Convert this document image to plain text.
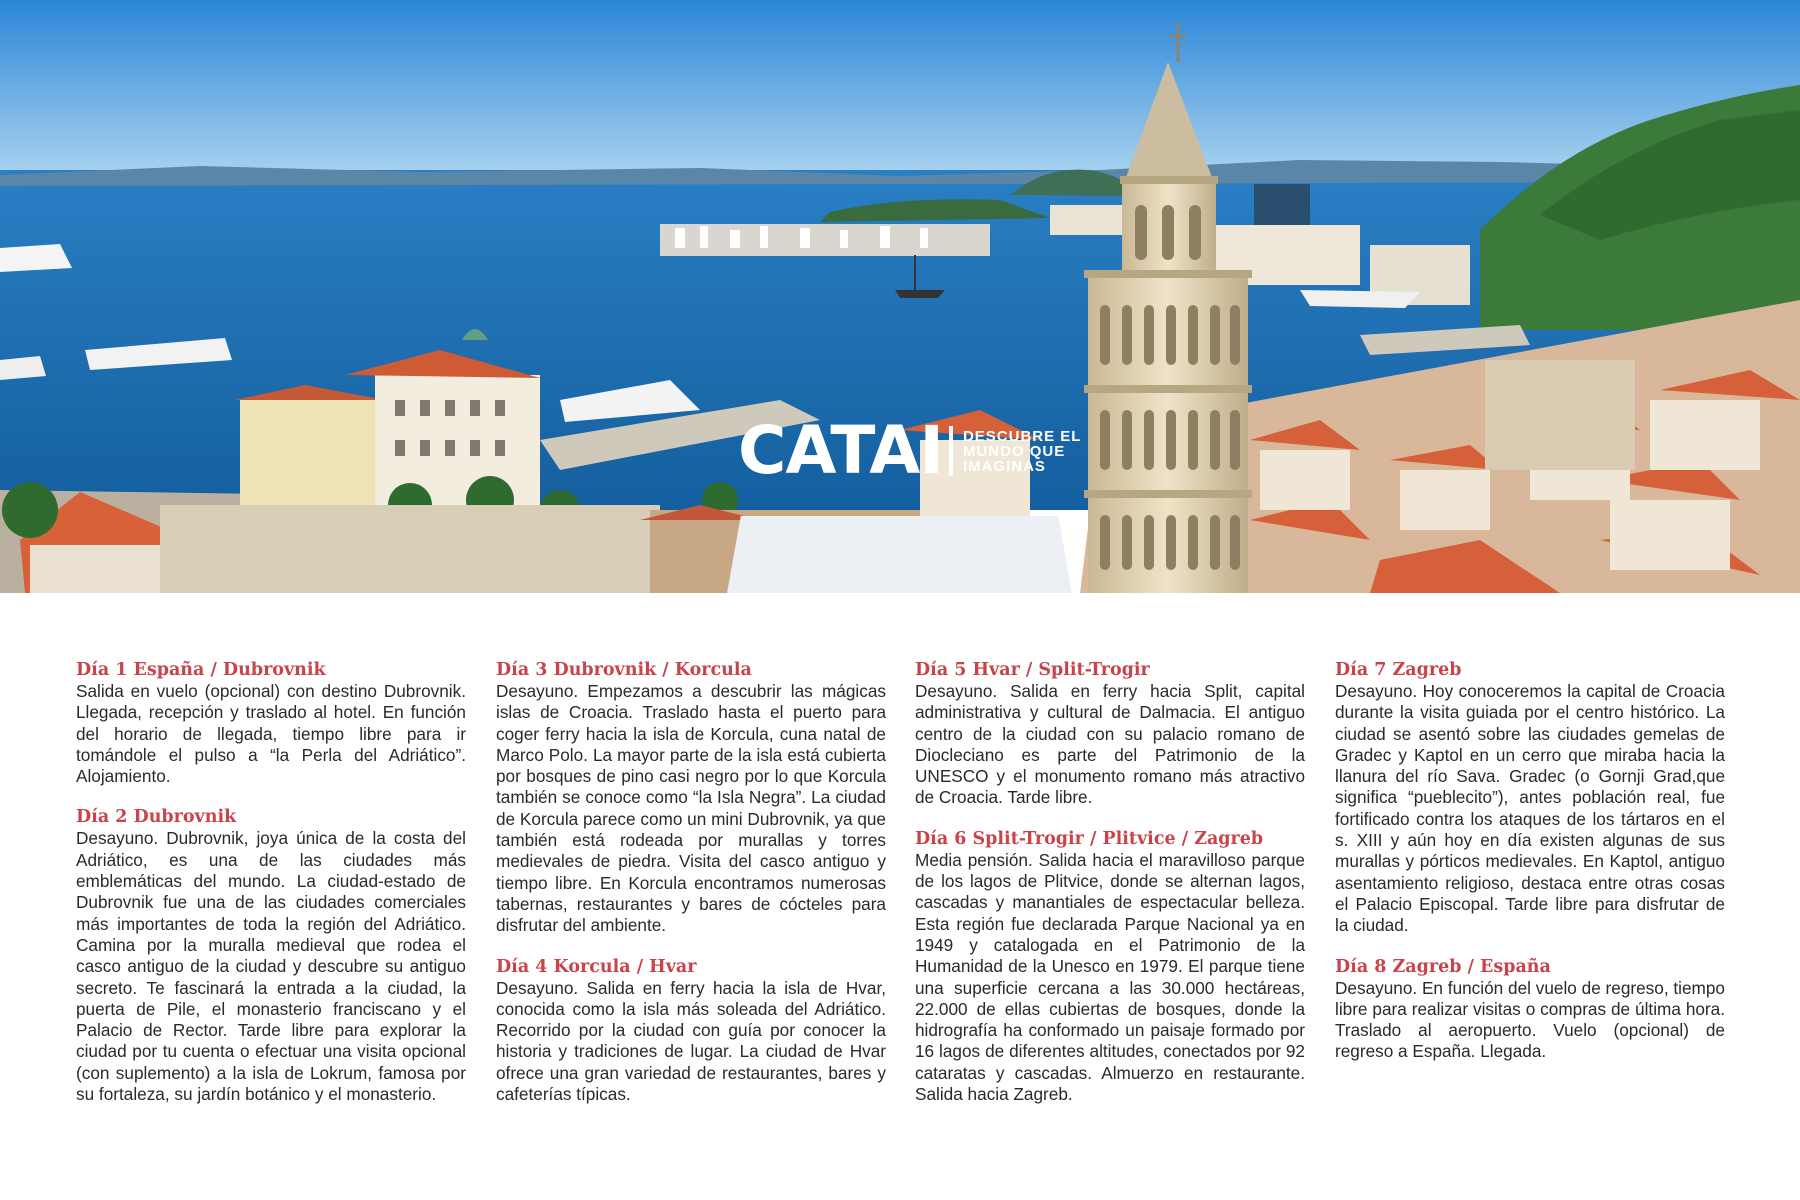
CATAI DESCUBRE EL
MUNDO QUE
IMAGINAS
Día 1 España / Dubrovnik

Salida en vuelo (opcional) con destino Dubrovnik. Llegada, recepción y traslado al hotel. En función del horario de llegada, tiempo libre para ir tomándole el pulso a “la Perla del Adriático”. Alojamiento.

Día 2 Dubrovnik

Desayuno. Dubrovnik, joya única de la costa del Adriático, es una de las ciudades más emblemáticas del mundo. La ciudad-estado de Dubrovnik fue una de las ciudades comerciales más importantes de toda la región del Adriático. Camina por la muralla medieval que rodea el casco antiguo de la ciudad y descubre su antiguo secreto. Te fascinará la entrada a la ciudad, la puerta de Pile, el monasterio franciscano y el Palacio de Rector. Tarde libre para explorar la ciudad por tu cuenta o efectuar una visita opcional (con suplemento) a la isla de Lokrum, famosa por su fortaleza, su jardín botánico y el monasterio.

Día 3 Dubrovnik / Korcula

Desayuno. Empezamos a descubrir las mágicas islas de Croacia. Traslado hasta el puerto para coger ferry hacia la isla de Korcula, cuna natal de Marco Polo. La mayor parte de la isla está cubierta por bosques de pino casi negro por lo que Korcula también se conoce como “la Isla Negra”. La ciudad de Korcula parece como un mini Dubrovnik, ya que también está rodeada por murallas y torres medievales de piedra. Visita del casco antiguo y tiempo libre. En Korcula encontramos numerosas tabernas, restaurantes y bares de cócteles para disfrutar del ambiente.

Día 4 Korcula / Hvar

Desayuno. Salida en ferry hacia la isla de Hvar, conocida como la isla más soleada del Adriático. Recorrido por la ciudad con guía por conocer la historia y tradiciones de lugar. La ciudad de Hvar ofrece una gran variedad de restaurantes, bares y cafeterías típicas.

Día 5 Hvar / Split-Trogir

Desayuno. Salida en ferry hacia Split, capital administrativa y cultural de Dalmacia. El antiguo centro de la ciudad con su palacio romano de Diocleciano es parte del Patrimonio de la UNESCO y el monumento romano más atractivo de Croacia. Tarde libre.

Día 6 Split-Trogir / Plitvice / Zagreb

Media pensión. Salida hacia el maravilloso parque de los lagos de Plitvice, donde se alternan lagos, cascadas y manantiales de espectacular belleza. Esta región fue declarada Parque Nacional ya en 1949 y catalogada en el Patrimonio de la Humanidad de la Unesco en 1979. El parque tiene una superficie cercana a las 30.000 hectáreas, 22.000 de ellas cubiertas de bosques, donde la hidrografía ha conformado un paisaje formado por 16 lagos de diferentes altitudes, conectados por 92 cataratas y cascadas. Almuerzo en restaurante. Salida hacia Zagreb.

Día 7 Zagreb

Desayuno. Hoy conoceremos la capital de Croacia durante la visita guiada por el centro histórico. La ciudad se asentó sobre las ciudades gemelas de Gradec y Kaptol en un cerro que miraba hacia la llanura del río Sava. Gradec (o Gornji Grad,que significa “pueblecito”), antes población real, fue fortificado contra los ataques de los tártaros en el s. XIII y aún hoy en día existen algunas de sus murallas y pórticos medievales. En Kaptol, antiguo asentamiento religioso, destaca entre otras cosas el Palacio Episcopal. Tarde libre para disfrutar de la ciudad.

Día 8 Zagreb / España

Desayuno. En función del vuelo de regreso, tiempo libre para realizar visitas o compras de última hora. Traslado al aeropuerto. Vuelo (opcional) de regreso a España. Llegada.
